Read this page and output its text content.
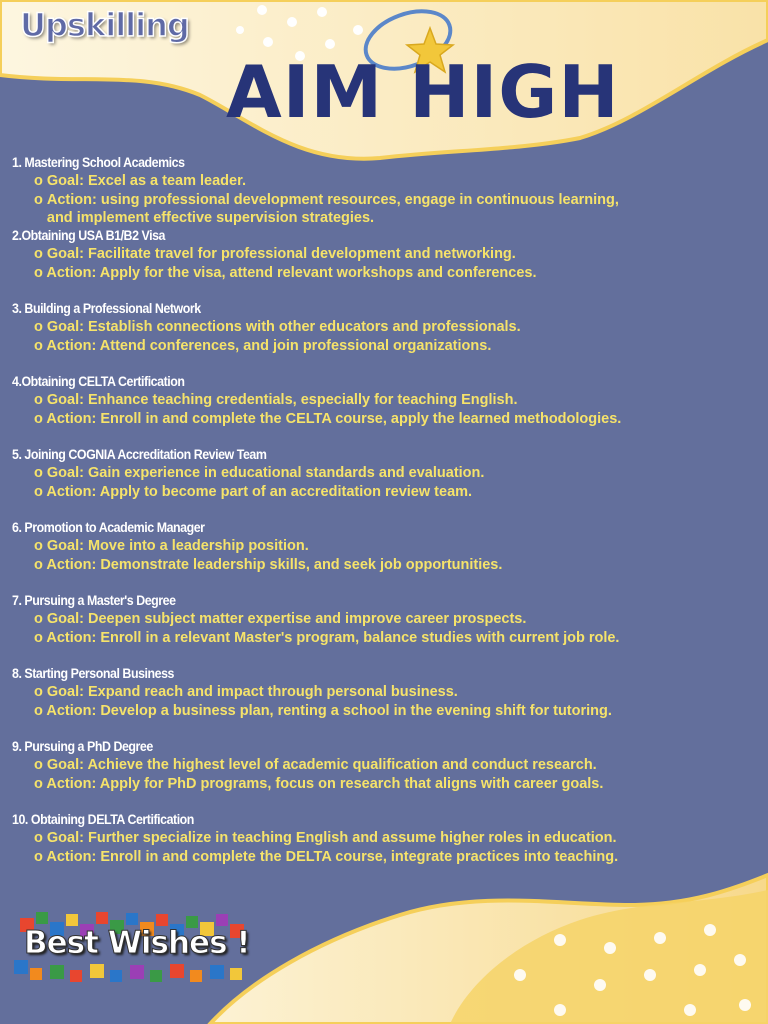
Upskilling
AIM HIGH
1. Mastering School Academics
o Goal: Excel as a team leader.
o Action: using professional development resources, engage in continuous learning, and implement effective supervision strategies.
2.Obtaining USA B1/B2 Visa
o Goal: Facilitate travel for professional development and networking.
o Action: Apply for the visa, attend relevant workshops and conferences.
3. Building a Professional Network
o Goal: Establish connections with other educators and professionals.
o Action: Attend conferences, and join professional organizations.
4.Obtaining CELTA Certification
o Goal: Enhance teaching credentials, especially for teaching English.
o Action: Enroll in and complete the CELTA course, apply the learned methodologies.
5. Joining COGNIA Accreditation Review Team
o Goal: Gain experience in educational standards and evaluation.
o Action: Apply to become part of an accreditation review team.
6. Promotion to Academic Manager
o Goal: Move into a leadership position.
o Action: Demonstrate leadership skills, and seek job opportunities.
7. Pursuing a Master's Degree
o Goal: Deepen subject matter expertise and improve career prospects.
o Action: Enroll in a relevant Master's program, balance studies with current job role.
8. Starting Personal Business
o Goal: Expand reach and impact through personal business.
o Action: Develop a business plan, renting a school in the evening shift for tutoring.
9. Pursuing a PhD Degree
o Goal: Achieve the highest level of academic qualification and conduct research.
o Action: Apply for PhD programs, focus on research that aligns with career goals.
10. Obtaining DELTA Certification
o Goal: Further specialize in teaching English and assume higher roles in education.
o Action: Enroll in and complete the DELTA course, integrate practices into teaching.
Best Wishes !
